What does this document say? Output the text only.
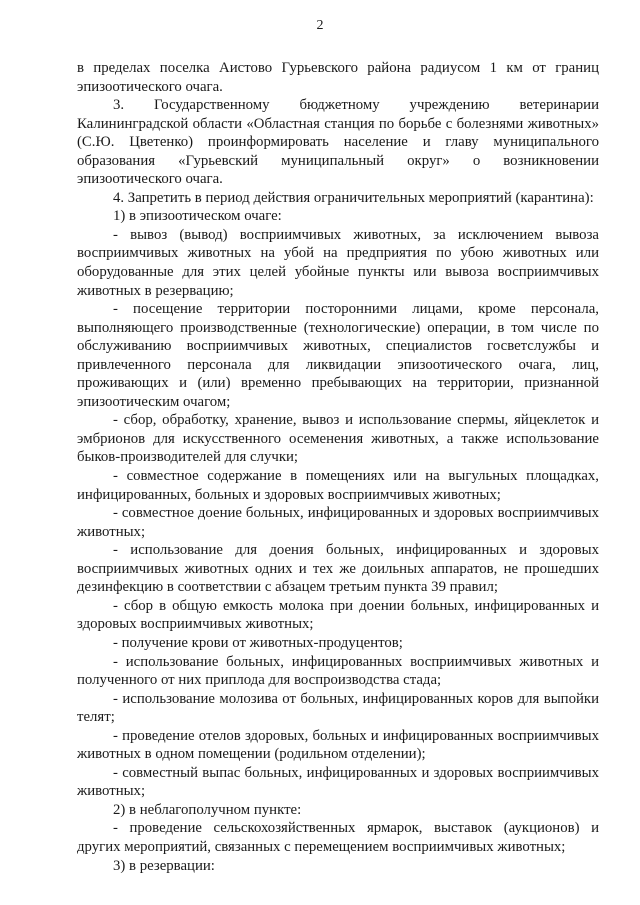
2

в пределах поселка Аистово Гурьевского района радиусом 1 км от границ эпизоотического очага.

3. Государственному бюджетному учреждению ветеринарии Калининградской области «Областная станция по борьбе с болезнями животных» (С.Ю. Цветенко) проинформировать население и главу муниципального образования «Гурьевский муниципальный округ» о возникновении эпизоотического очага.

4. Запретить в период действия ограничительных мероприятий (карантина):

1) в эпизоотическом очаге:

- вывоз (вывод) восприимчивых животных, за исключением вывоза восприимчивых животных на убой на предприятия по убою животных или оборудованные для этих целей убойные пункты или вывоза восприимчивых животных в резервацию;

- посещение территории посторонними лицами, кроме персонала, выполняющего производственные (технологические) операции, в том числе по обслуживанию восприимчивых животных, специалистов госветслужбы и привлеченного персонала для ликвидации эпизоотического очага, лиц, проживающих и (или) временно пребывающих на территории, признанной эпизоотическим очагом;

- сбор, обработку, хранение, вывоз и использование спермы, яйцеклеток и эмбрионов для искусственного осеменения животных, а также использование быков-производителей для случки;

- совместное содержание в помещениях или на выгульных площадках, инфицированных, больных и здоровых восприимчивых животных;

- совместное доение больных, инфицированных и здоровых восприимчивых животных;

- использование для доения больных, инфицированных и здоровых восприимчивых животных одних и тех же доильных аппаратов, не прошедших дезинфекцию в соответствии с абзацем третьим пункта 39 правил;

- сбор в общую емкость молока при доении больных, инфицированных и здоровых восприимчивых животных;

- получение крови от животных-продуцентов;

- использование больных, инфицированных восприимчивых животных и полученного от них приплода для воспроизводства стада;

- использование молозива от больных, инфицированных коров для выпойки телят;

- проведение отелов здоровых, больных и инфицированных восприимчивых животных в одном помещении (родильном отделении);

- совместный выпас больных, инфицированных и здоровых восприимчивых животных;

2) в неблагополучном пункте:

- проведение сельскохозяйственных ярмарок, выставок (аукционов) и других мероприятий, связанных с перемещением восприимчивых животных;

3) в резервации:
